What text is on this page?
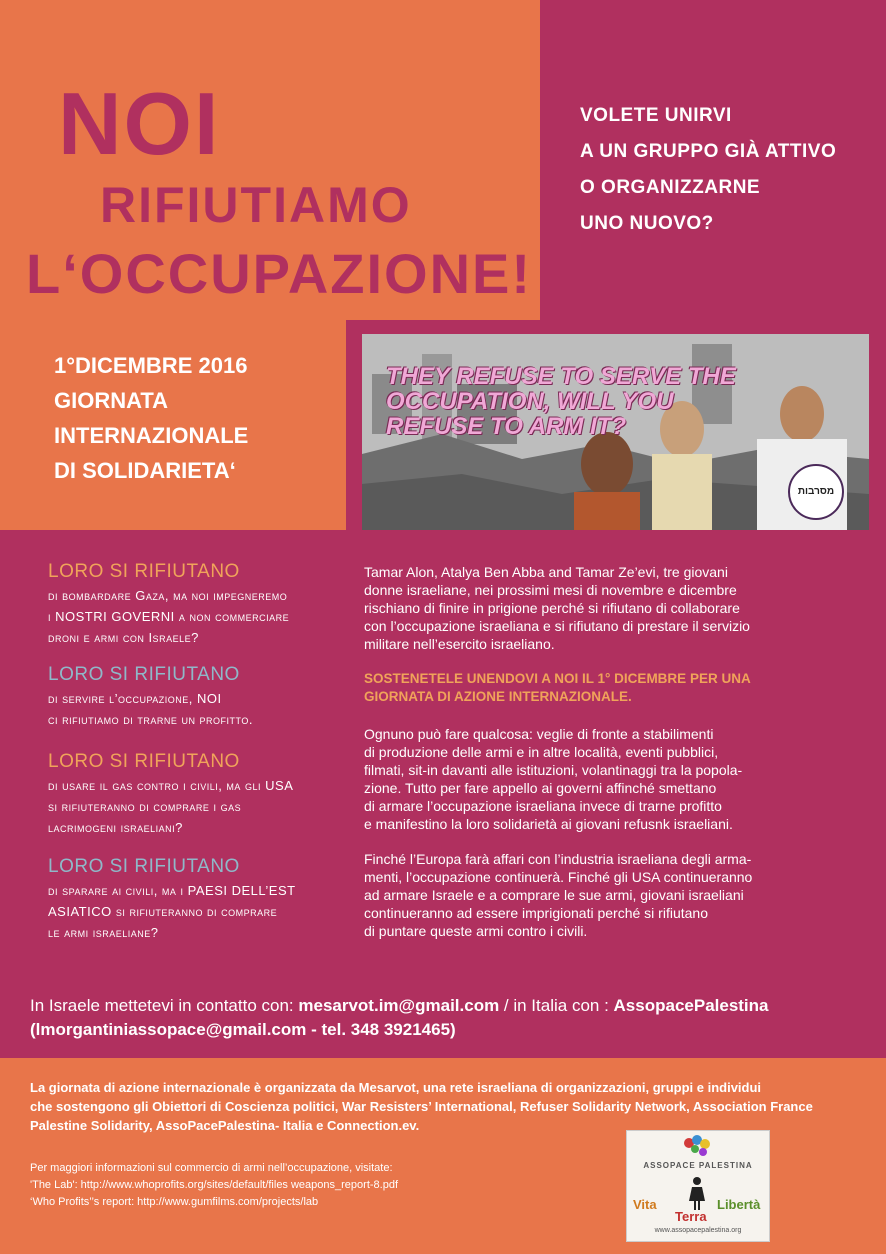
NOI
RIFIUTIAMO
L‘OCCUPAZIONE!
VOLETE UNIRVI
A UN GRUPPO GIÀ ATTIVO
O ORGANIZZARNE
UNO NUOVO?
1°DICEMBRE 2016
GIORNATA
INTERNAZIONALE
DI SOLIDARIETA‘
THEY REFUSE TO SERVE THE
OCCUPATION, WILL YOU
REFUSE TO ARM IT?
מסרבות
LORO SI RIFIUTANO
di bombardare Gaza, ma noi impegneremo
i NOSTRI GOVERNI a non commerciare
droni e armi con Israele?
LORO SI RIFIUTANO
di servire l’occupazione, NOI
ci rifiutiamo di trarne un profitto.
LORO SI RIFIUTANO
di usare il gas contro i civili, ma gli USA
si rifiuteranno di comprare i gas
lacrimogeni israeliani?
LORO SI RIFIUTANO
di sparare ai civili, ma i PAESI DELL’EST
ASIATICO si rifiuteranno di comprare
le armi israeliane?
Tamar Alon, Atalya Ben Abba and Tamar Ze’evi, tre giovani
donne israeliane, nei prossimi mesi di novembre e dicembre
rischiano di finire in prigione perché si rifiutano di collaborare
con l’occupazione israeliana e si rifiutano di prestare il servizio
militare nell’esercito israeliano.
SOSTENETELE UNENDOVI A NOI IL 1° DICEMBRE PER UNA
GIORNATA DI AZIONE INTERNAZIONALE.
Ognuno può fare qualcosa: veglie di fronte a stabilimenti
di produzione delle armi e in altre località, eventi pubblici,
filmati, sit-in davanti alle istituzioni, volantinaggi tra la popola-
zione. Tutto per fare appello ai governi affinché smettano
di armare l’occupazione israeliana invece di trarne profitto
e manifestino la loro solidarietà ai giovani refusnk israeliani.
Finché l’Europa farà affari con l’industria israeliana degli arma-
menti, l’occupazione continuerà. Finché gli USA continueranno
ad armare Israele e a comprare le sue armi, giovani israeliani
continueranno ad essere imprigionati perché si rifiutano
di puntare queste armi contro i civili.
In Israele mettetevi in contatto con: mesarvot.im@gmail.com / in Italia con : AssopacePalestina
(lmorgantiniassopace@gmail.com - tel. 348 3921465)
La giornata di azione internazionale è organizzata da Mesarvot, una rete israeliana di organizzazioni, gruppi e individui
che sostengono gli Obiettori di Coscienza politici, War Resisters’ International, Refuser Solidarity Network, Association France
Palestine Solidarity, AssoPacePalestina- Italia e Connection.ev.
Per maggiori informazioni sul commercio di armi nell’occupazione, visitate:
'The Lab': http://www.whoprofits.org/sites/default/files weapons_report-8.pdf
‘Who Profits’’s report: http://www.gumfilms.com/projects/lab
ASSOPACE PALESTINA
Vita
Terra
Libertà
www.assopacepalestina.org
